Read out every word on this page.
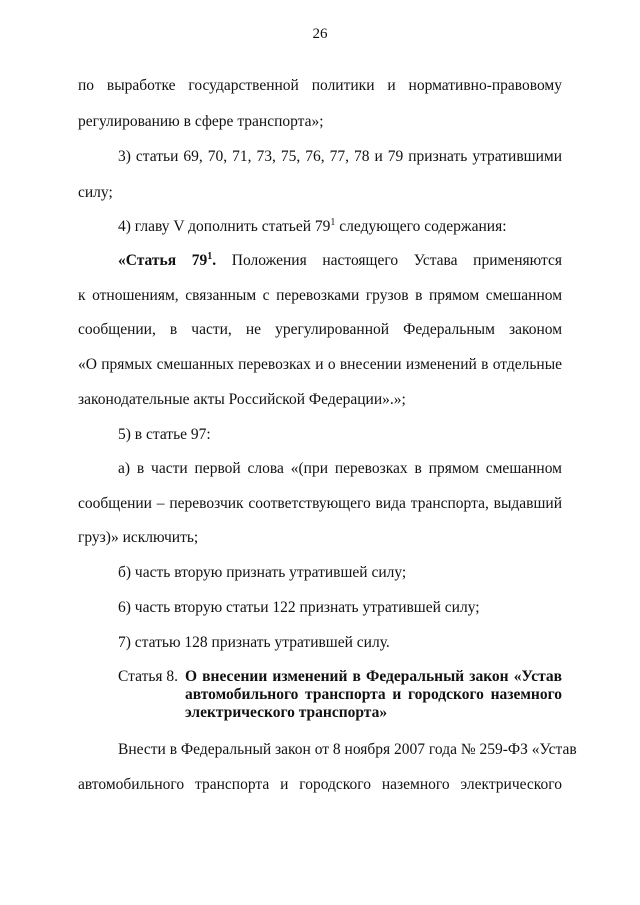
26
по выработке государственной политики и нормативно-правовому
регулированию в сфере транспорта»;
3) статьи 69, 70, 71, 73, 75, 76, 77, 78 и 79 признать утратившими
силу;
4) главу V дополнить статьей $79^1$ следующего содержания:
«Статья $79^1$. Положения настоящего Устава применяются
к отношениям, связанным с перевозками грузов в прямом смешанном
сообщении, в части, не урегулированной Федеральным законом
«О прямых смешанных перевозках и о внесении изменений в отдельные
законодательные акты Российской Федерации».»;
5) в статье 97:
а) в части первой слова «(при перевозках в прямом смешанном
сообщении – перевозчик соответствующего вида транспорта, выдавший
груз)» исключить;
б) часть вторую признать утратившей силу;
6) часть вторую статьи 122 признать утратившей силу;
7) статью 128 признать утратившей силу.
Статья 8. О внесении изменений в Федеральный закон «Устав
автомобильного транспорта и городского наземного
электрического транспорта»
Внести в Федеральный закон от 8 ноября 2007 года № 259-ФЗ «Устав
автомобильного транспорта и городского наземного электрического
